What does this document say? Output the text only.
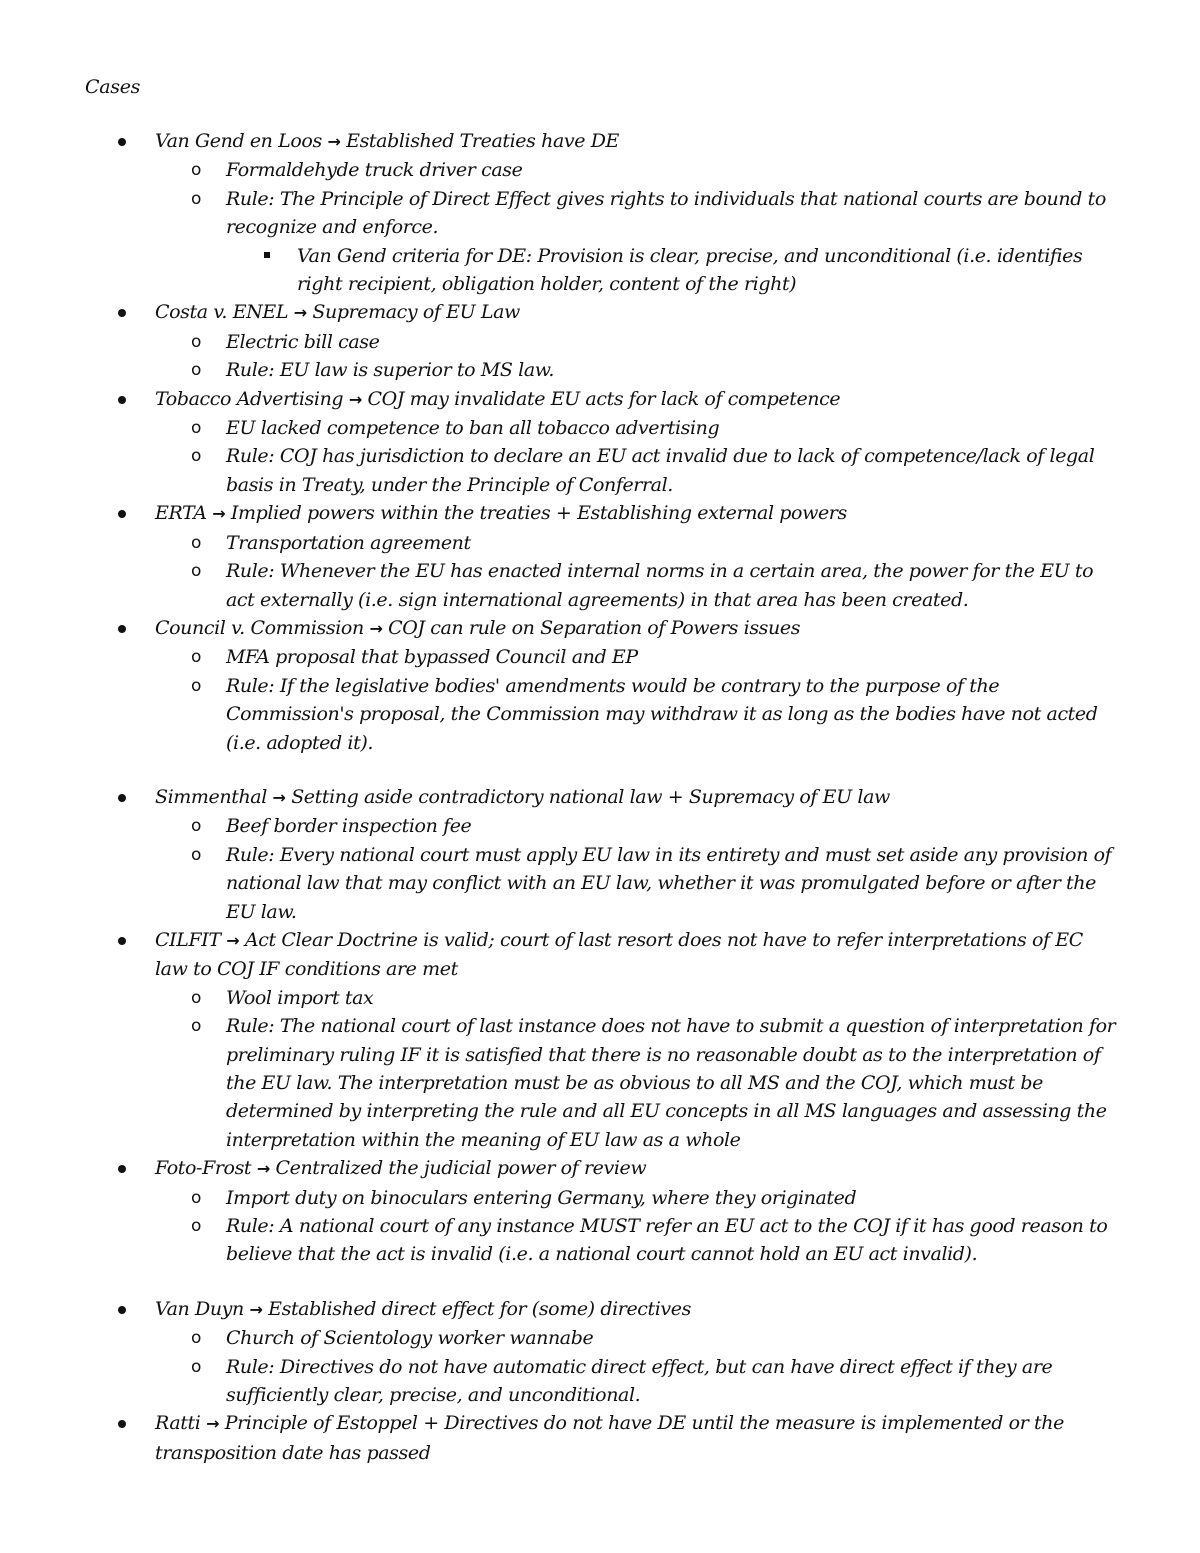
Cases
Van Gend en Loos → Established Treaties have DE
o Formaldehyde truck driver case
o Rule: The Principle of Direct Effect gives rights to individuals that national courts are bound to recognize and enforce.
Van Gend criteria for DE: Provision is clear, precise, and unconditional (i.e. identifies right recipient, obligation holder, content of the right)
Costa v. ENEL → Supremacy of EU Law
o Electric bill case
o Rule: EU law is superior to MS law.
Tobacco Advertising → COJ may invalidate EU acts for lack of competence
o EU lacked competence to ban all tobacco advertising
o Rule: COJ has jurisdiction to declare an EU act invalid due to lack of competence/lack of legal basis in Treaty, under the Principle of Conferral.
ERTA → Implied powers within the treaties + Establishing external powers
o Transportation agreement
o Rule: Whenever the EU has enacted internal norms in a certain area, the power for the EU to act externally (i.e. sign international agreements) in that area has been created.
Council v. Commission → COJ can rule on Separation of Powers issues
o MFA proposal that bypassed Council and EP
o Rule: If the legislative bodies' amendments would be contrary to the purpose of the Commission's proposal, the Commission may withdraw it as long as the bodies have not acted (i.e. adopted it).
Simmenthal → Setting aside contradictory national law + Supremacy of EU law
o Beef border inspection fee
o Rule: Every national court must apply EU law in its entirety and must set aside any provision of national law that may conflict with an EU law, whether it was promulgated before or after the EU law.
CILFIT → Act Clear Doctrine is valid; court of last resort does not have to refer interpretations of EC law to COJ IF conditions are met
o Wool import tax
o Rule: The national court of last instance does not have to submit a question of interpretation for preliminary ruling IF it is satisfied that there is no reasonable doubt as to the interpretation of the EU law. The interpretation must be as obvious to all MS and the COJ, which must be determined by interpreting the rule and all EU concepts in all MS languages and assessing the interpretation within the meaning of EU law as a whole
Foto-Frost → Centralized the judicial power of review
o Import duty on binoculars entering Germany, where they originated
o Rule: A national court of any instance MUST refer an EU act to the COJ if it has good reason to believe that the act is invalid (i.e. a national court cannot hold an EU act invalid).
Van Duyn → Established direct effect for (some) directives
o Church of Scientology worker wannabe
o Rule: Directives do not have automatic direct effect, but can have direct effect if they are sufficiently clear, precise, and unconditional.
Ratti → Principle of Estoppel + Directives do not have DE until the measure is implemented or the transposition date has passed
